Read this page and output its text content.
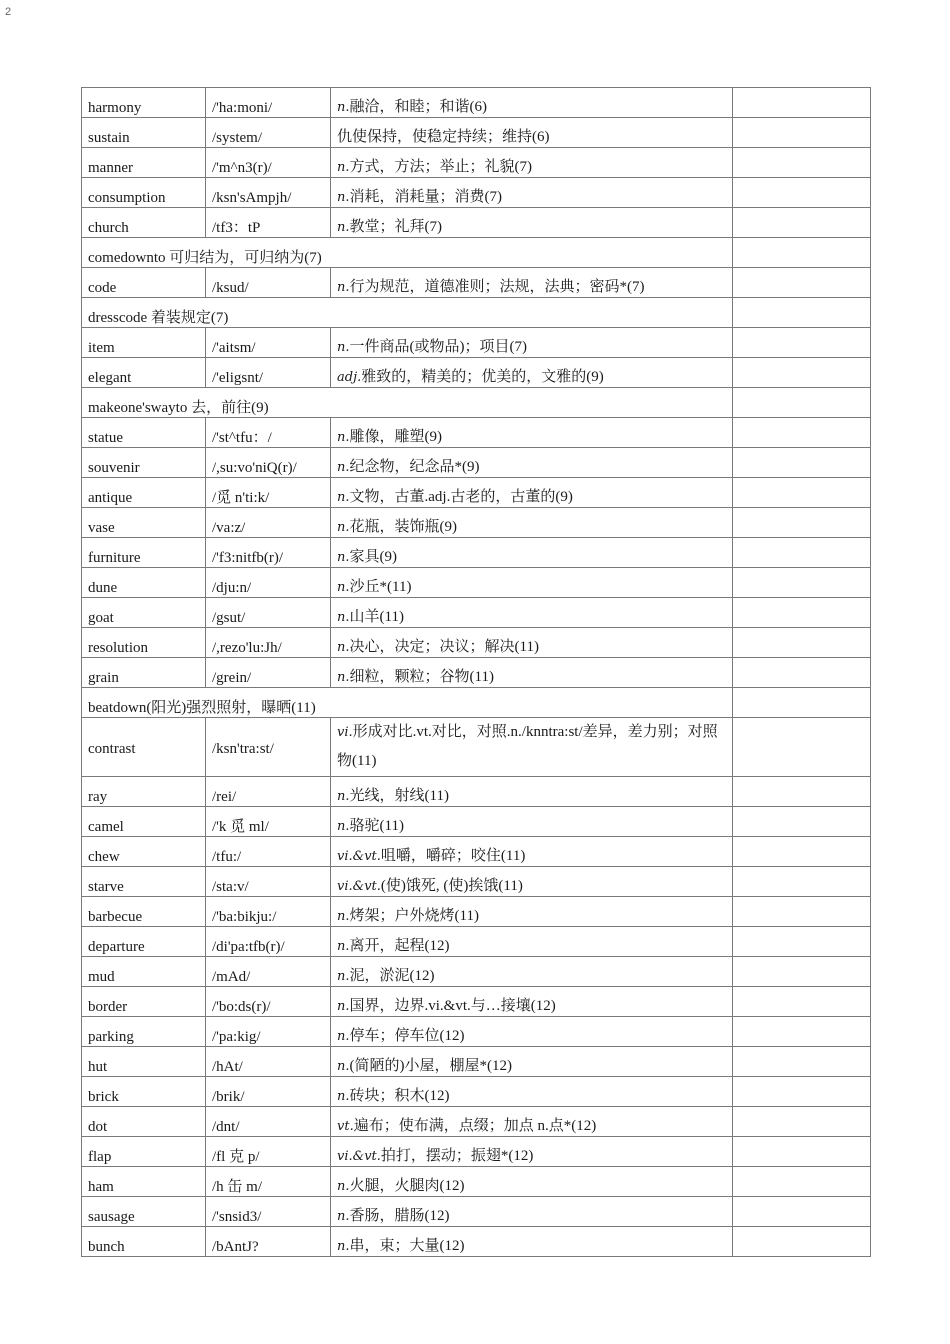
2
harmony	/'ha:moni/	n.融洽，和睦；和谐(6)	
sustain	/system/	仇使保持，使稳定持续；维持(6)	
manner	/'m^n3(r)/	n.方式，方法；举止；礼貌(7)	
consumption	/ksn'sAmpjh/	n.消耗，消耗量；消费(7)	
church	/tf3：tP	n.教堂；礼拜(7)	
comedownto 可归结为，可归纳为(7)			
code	/ksud/	n.行为规范，道德准则；法规，法典；密码*(7)	
dresscode 着装规定(7)			
item	/'aitsm/	n.一件商品(或物品)；项目(7)	
elegant	/'eligsnt/	adj.雅致的，精美的；优美的，文雅的(9)	
makeone'swayto 去，前往(9)			
statue	/'st^tfu：/	n.雕像，雕塑(9)	
souvenir	/,su:vo'niQ(r)/	n.纪念物，纪念品*(9)	
antique	/觅 n'ti:k/	n.文物，古董.adj.古老的，古董的(9)	
vase	/va:z/	n.花瓶，装饰瓶(9)	
furniture	/'f3:nitfb(r)/	n.家具(9)	
dune	/dju:n/	n.沙丘*(11)	
goat	/gsut/	n.山羊(11)	
resolution	/,rezo'lu:Jh/	n.决心，决定；决议；解决(11)	
grain	/grein/	n.细粒，颗粒；谷物(11)	
beatdown(阳光)强烈照射，曝晒(11)			
contrast	/ksn'tra:st/	vi.形成对比.vt.对比，对照.n./knntra:st/差异，差力别；对照物(11)	
ray	/rei/	n.光线，射线(11)	
camel	/'k 觅 ml/	n.骆驼(11)	
chew	/tfu:/	vi.&vt.咀嚼，嚼碎；咬住(11)	
starve	/sta:v/	vi.&vt.(使)饿死, (使)挨饿(11)	
barbecue	/'ba:bikju:/	n.烤架；户外烧烤(11)	
departure	/di'pa:tfb(r)/	n.离开，起程(12)	
mud	/mAd/	n.泥，淤泥(12)	
border	/'bo:ds(r)/	n.国界，边界.vi.&vt.与…接壤(12)	
parking	/'pa:kig/	n.停车；停车位(12)	
hut	/hAt/	n.(简陋的)小屋，棚屋*(12)	
brick	/brik/	n.砖块；积木(12)	
dot	/dnt/	vt.遍布；使布满，点缀；加点 n.点*(12)	
flap	/fl 克 p/	vi.&vt.拍打，摆动；振翅*(12)	
ham	/h 缶 m/	n.火腿，火腿肉(12)	
sausage	/'snsid3/	n.香肠，腊肠(12)	
bunch	/bAntJ?	n.串，束；大量(12)	
